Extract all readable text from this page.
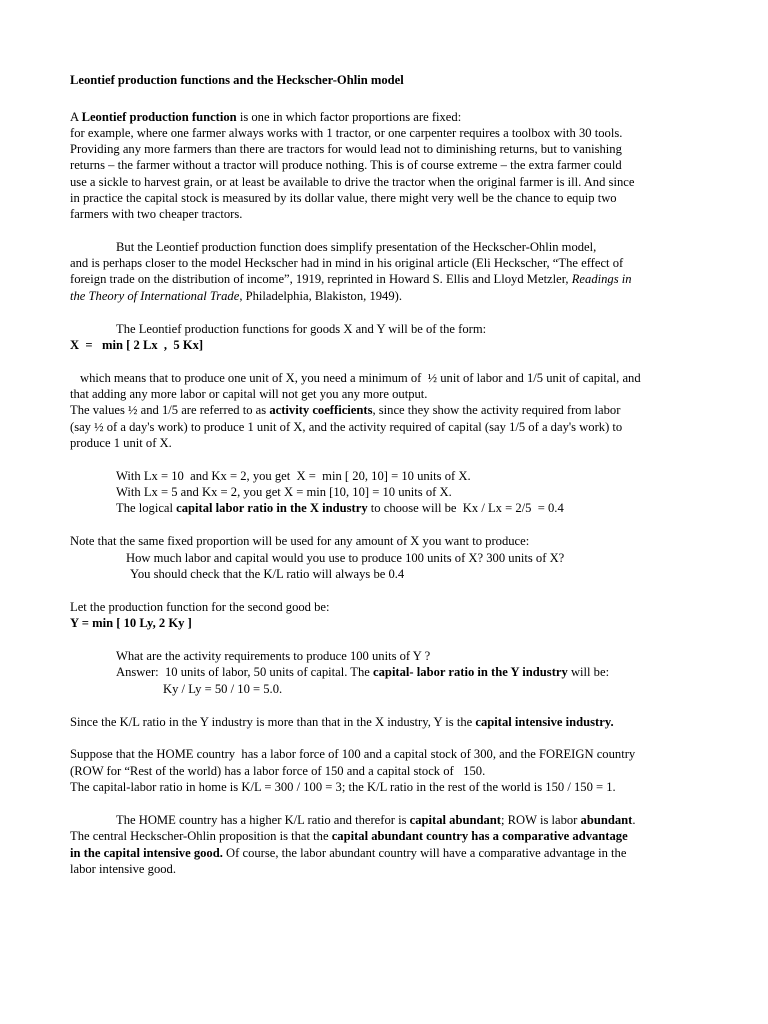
Leontief production functions and the Heckscher-Ohlin model
A Leontief production function is one in which factor proportions are fixed:
for example, where one farmer always works with 1 tractor, or one carpenter requires a toolbox with 30 tools.
Providing any more farmers than there are tractors for would lead not to diminishing returns, but to vanishing
returns – the farmer without a tractor will produce nothing. This is of course extreme – the extra farmer could
use a sickle to harvest grain, or at least be available to drive the tractor when the original farmer is ill. And since
in practice the capital stock is measured by its dollar value, there might very well be the chance to equip two
farmers with two cheaper tractors.
But the Leontief production function does simplify presentation of the Heckscher-Ohlin model,
and is perhaps closer to the model Heckscher had in mind in his original article (Eli Heckscher, “The effect of
foreign trade on the distribution of income”, 1919, reprinted in Howard S. Ellis and Lloyd Metzler, Readings in
the Theory of International Trade, Philadelphia, Blakiston, 1949).
The Leontief production functions for goods X and Y will be of the form:
X  =   min [ 2 Lx  ,  5 Kx]
which means that to produce one unit of X, you need a minimum of  ½ unit of labor and 1/5 unit of capital, and
that adding any more labor or capital will not get you any more output.
The values ½ and 1/5 are referred to as activity coefficients, since they show the activity required from labor
(say ½ of a day's work) to produce 1 unit of X, and the activity required of capital (say 1/5 of a day's work) to
produce 1 unit of X.
With Lx = 10  and Kx = 2, you get  X =  min [ 20, 10] = 10 units of X.
With Lx = 5 and Kx = 2, you get X = min [10, 10] = 10 units of X.
The logical capital labor ratio in the X industry to choose will be  Kx / Lx = 2/5  = 0.4
Note that the same fixed proportion will be used for any amount of X you want to produce:
How much labor and capital would you use to produce 100 units of X? 300 units of X?
You should check that the K/L ratio will always be 0.4
Let the production function for the second good be:
Y = min [ 10 Ly, 2 Ky ]
What are the activity requirements to produce 100 units of Y ?
Answer:  10 units of labor, 50 units of capital. The capital- labor ratio in the Y industry will be:
Ky / Ly = 50 / 10 = 5.0.
Since the K/L ratio in the Y industry is more than that in the X industry, Y is the capital intensive industry.
Suppose that the HOME country  has a labor force of 100 and a capital stock of 300, and the FOREIGN country
(ROW for “Rest of the world) has a labor force of 150 and a capital stock of   150.
The capital-labor ratio in home is K/L = 300 / 100 = 3; the K/L ratio in the rest of the world is 150 / 150 = 1.
The HOME country has a higher K/L ratio and therefor is capital abundant; ROW is labor abundant.
The central Heckscher-Ohlin proposition is that the capital abundant country has a comparative advantage
in the capital intensive good. Of course, the labor abundant country will have a comparative advantage in the
labor intensive good.
